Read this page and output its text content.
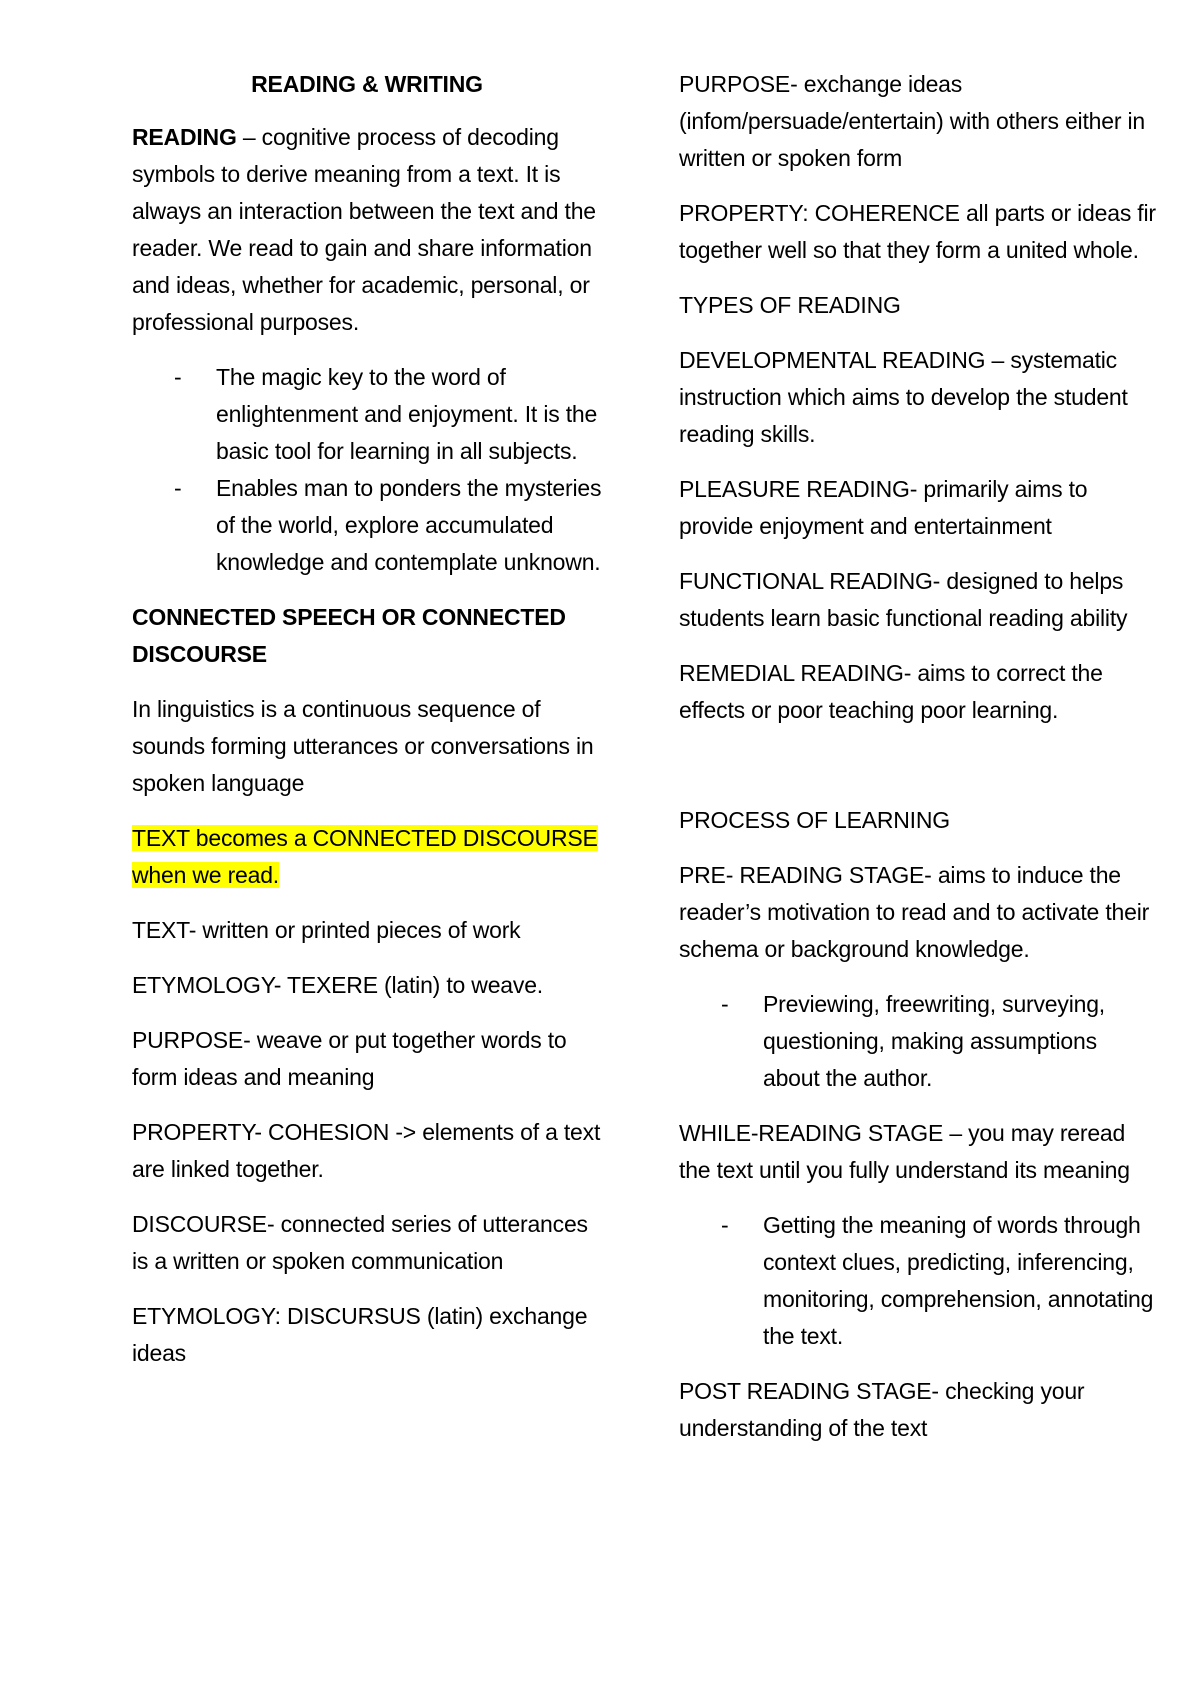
READING & WRITING

READING – cognitive process of decoding symbols to derive meaning from a text. It is always an interaction between the text and the reader. We read to gain and share information and ideas, whether for academic, personal, or professional purposes.

- The magic key to the word of enlightenment and enjoyment. It is the basic tool for learning in all subjects.
- Enables man to ponders the mysteries of the world, explore accumulated knowledge and contemplate unknown.

CONNECTED SPEECH OR CONNECTED DISCOURSE

In linguistics is a continuous sequence of sounds forming utterances or conversations in spoken language

TEXT becomes a CONNECTED DISCOURSE when we read.

TEXT- written or printed pieces of work

ETYMOLOGY- TEXERE (latin) to weave.

PURPOSE- weave or put together words to form ideas and meaning

PROPERTY- COHESION -> elements of a text are linked together.

DISCOURSE- connected series of utterances is a written or spoken communication

ETYMOLOGY: DISCURSUS (latin) exchange ideas

PURPOSE- exchange ideas (infom/persuade/entertain) with others either in written or spoken form

PROPERTY: COHERENCE all parts or ideas fir together well so that they form a united whole.

TYPES OF READING

DEVELOPMENTAL READING – systematic instruction which aims to develop the student reading skills.

PLEASURE READING- primarily aims to provide enjoyment and entertainment

FUNCTIONAL READING- designed to helps students learn basic functional reading ability

REMEDIAL READING- aims to correct the effects or poor teaching poor learning.

PROCESS OF LEARNING

PRE- READING STAGE- aims to induce the reader’s motivation to read and to activate their schema or background knowledge.

- Previewing, freewriting, surveying, questioning, making assumptions about the author.

WHILE-READING STAGE – you may reread the text until you fully understand its meaning

- Getting the meaning of words through context clues, predicting, inferencing, monitoring, comprehension, annotating the text.

POST READING STAGE- checking your understanding of the text
